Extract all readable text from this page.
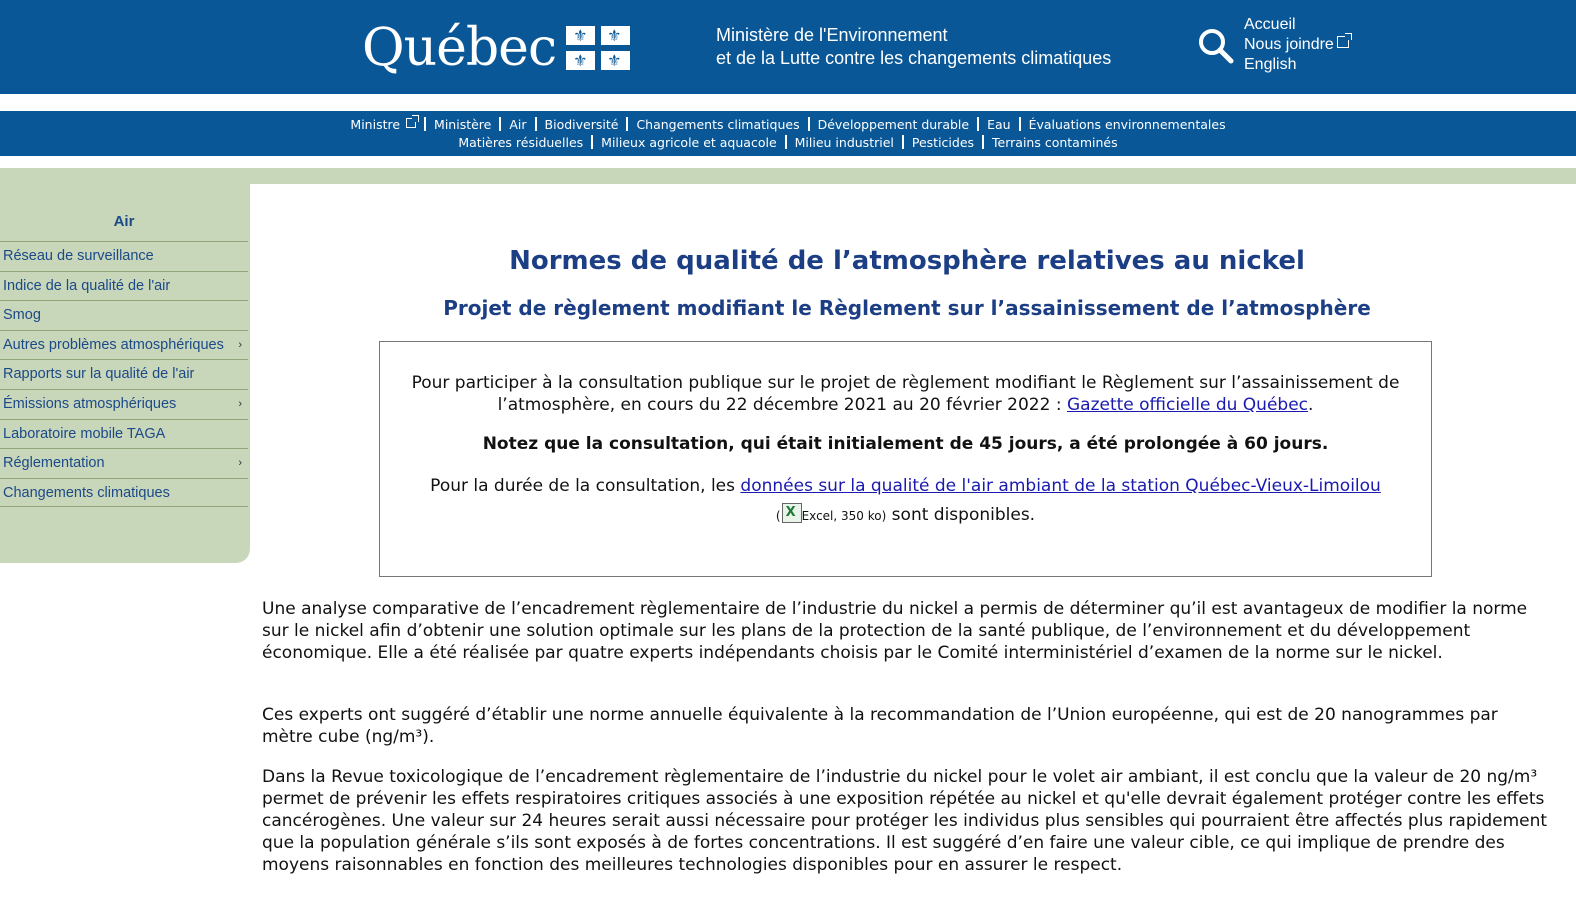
Québec ⚜ ⚜
⚜ ⚜
Ministère de l'Environnement
et de la Lutte contre les changements climatiques
Accueil
Nous joindre
English
Ministre	Ministère Air Biodiversité Changements climatiques Développement durable Eau Évaluations environnementales
Matières résiduelles Milieux agricole et aquacole Milieu industriel Pesticides Terrains contaminés
Air
Réseau de surveillance
Indice de la qualité de l'air
Smog
Autres problèmes atmosphériques ›
Rapports sur la qualité de l'air
Émissions atmosphériques	›
Laboratoire mobile TAGA
Réglementation	›
Changements climatiques
Normes de qualité de l’atmosphère relatives au nickel
Projet de règlement modifiant le Règlement sur l’assainissement de l’atmosphère

Pour participer à la consultation publique sur le projet de règlement modifiant le Règlement sur l’assainissement de l’atmosphère, en cours du 22 décembre 2021 au 20 février 2022 : Gazette officielle du Québec.

Notez que la consultation, qui était initialement de 45 jours, a été prolongée à 60 jours.

Pour la durée de la consultation, les données sur la qualité de l'air ambiant de la station Québec-Vieux-Limoilou
(X Excel, 350 ko) sont disponibles.

Une analyse comparative de l’encadrement règlementaire de l’industrie du nickel a permis de déterminer qu’il est avantageux de modifier la norme sur le nickel afin d’obtenir une solution optimale sur les plans de la protection de la santé publique, de l’environnement et du développement économique. Elle a été réalisée par quatre experts indépendants choisis par le Comité interministériel d’examen de la norme sur le nickel.

Ces experts ont suggéré d’établir une norme annuelle équivalente à la recommandation de l’Union européenne, qui est de 20 nanogrammes par mètre cube (ng/m³).

Dans la Revue toxicologique de l’encadrement règlementaire de l’industrie du nickel pour le volet air ambiant, il est conclu que la valeur de 20 ng/m³ permet de prévenir les effets respiratoires critiques associés à une exposition répétée au nickel et qu'elle devrait également protéger contre les effets cancérogènes. Une valeur sur 24 heures serait aussi nécessaire pour protéger les individus plus sensibles qui pourraient être affectés plus rapidement que la population générale s’ils sont exposés à de fortes concentrations. Il est suggéré d’en faire une valeur cible, ce qui implique de prendre des moyens raisonnables en fonction des meilleures technologies disponibles pour en assurer le respect.
